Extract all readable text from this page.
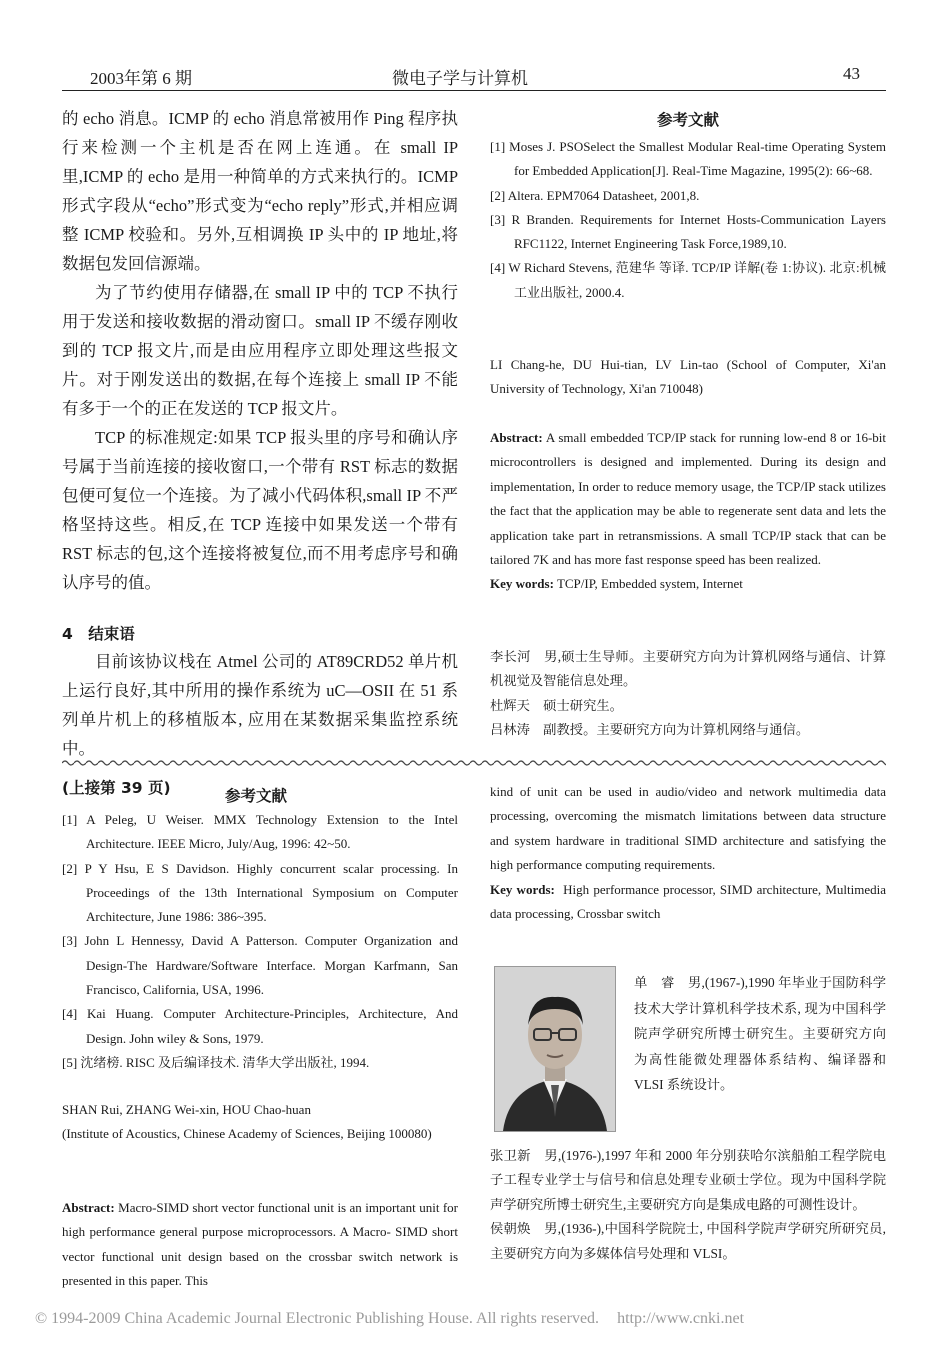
2003年第 6 期	微电子学与计算机	43

的 echo 消息。ICMP 的 echo 消息常被用作 Ping 程序执行来检测一个主机是否在网上连通。在 small IP 里,ICMP 的 echo 是用一种简单的方式来执行的。ICMP 形式字段从“echo”形式变为“echo reply”形式,并相应调整 ICMP 校验和。另外,互相调换 IP 头中的 IP 地址,将数据包发回信源端。

为了节约使用存储器,在 small IP 中的 TCP 不执行用于发送和接收数据的滑动窗口。small IP 不缓存刚收到的 TCP 报文片,而是由应用程序立即处理这些报文片。对于刚发送出的数据,在每个连接上 small IP 不能有多于一个的正在发送的 TCP 报文片。

TCP 的标准规定:如果 TCP 报头里的序号和确认序号属于当前连接的接收窗口,一个带有 RST 标志的数据包便可复位一个连接。为了减小代码体积,small IP 不严格坚持这些。相反,在 TCP 连接中如果发送一个带有 RST 标志的包,这个连接将被复位,而不用考虑序号和确认序号的值。

4　结束语

目前该协议栈在 Atmel 公司的 AT89CRD52 单片机上运行良好,其中所用的操作系统为 uC—OSII 在 51 系列单片机上的移植版本, 应用在某数据采集监控系统中。

参考文献

[1] Moses J. PSOSelect the Smallest Modular Real-time Operating System for Embedded Application[J]. Real-Time Magazine, 1995(2): 66~68.

[2] Altera. EPM7064 Datasheet, 2001,8.

[3] R Branden. Requirements for Internet Hosts-Communication Layers RFC1122, Internet Engineering Task Force,1989,10.

[4] W Richard Stevens, 范建华 等译. TCP/IP 详解(卷 1:协议). 北京:机械工业出版社, 2000.4.

LI Chang-he, DU Hui-tian, LV Lin-tao (School of Computer, Xi'an University of Technology, Xi'an 710048)

Abstract: A small embedded TCP/IP stack for running low-end 8 or 16-bit microcontrollers is designed and implemented. During its design and implementation, In order to reduce memory usage, the TCP/IP stack utilizes the fact that the application may be able to regenerate sent data and lets the application take part in retransmissions. A small TCP/IP stack that can be tailored 7K and has more fast response speed has been realized.

Key words: TCP/IP, Embedded system, Internet

李长河　男,硕士生导师。主要研究方向为计算机网络与通信、计算机视觉及智能信息处理。

杜辉天　硕士研究生。

吕林涛　副教授。主要研究方向为计算机网络与通信。

(上接第 39 页)	参考文献

[1] A Peleg, U Weiser. MMX Technology Extension to the Intel Architecture. IEEE Micro, July/Aug, 1996: 42~50.

[2] P Y Hsu, E S Davidson. Highly concurrent scalar processing. In Proceedings of the 13th International Symposium on Computer Architecture, June 1986: 386~395.

[3] John L Hennessy, David A Patterson. Computer Organization and Design-The Hardware/Software Interface. Morgan Karfmann, San Francisco, California, USA, 1996.

[4] Kai Huang. Computer Architecture-Principles, Architecture, And Design. John wiley & Sons, 1979.

[5] 沈绪榜. RISC 及后编译技术. 清华大学出版社, 1994.

SHAN Rui, ZHANG Wei-xin, HOU Chao-huan

(Institute of Acoustics, Chinese Academy of Sciences, Beijing 100080)

Abstract: Macro-SIMD short vector functional unit is an important unit for high performance general purpose microprocessors. A Macro- SIMD short vector functional unit design based on the crossbar switch network is presented in this paper. This

kind of unit can be used in audio/video and network multimedia data processing, overcoming the mismatch limitations between data structure and system hardware in traditional SIMD architecture and satisfying the high performance computing requirements.

Key words: High performance processor, SIMD architecture, Multimedia data processing, Crossbar switch

单　睿　男,(1967-),1990 年毕业于国防科学技术大学计算机科学技术系, 现为中国科学院声学研究所博士研究生。主要研究方向为高性能微处理器体系结构、编译器和 VLSI 系统设计。

张卫新　男,(1976-),1997 年和 2000 年分别获哈尔滨船舶工程学院电子工程专业学士与信号和信息处理专业硕士学位。现为中国科学院声学研究所博士研究生,主要研究方向是集成电路的可测性设计。

侯朝焕　男,(1936-),中国科学院院士, 中国科学院声学研究所研究员,主要研究方向为多媒体信号处理和 VLSI。

© 1994-2009 China Academic Journal Electronic Publishing House. All rights reserved. http://www.cnki.net
